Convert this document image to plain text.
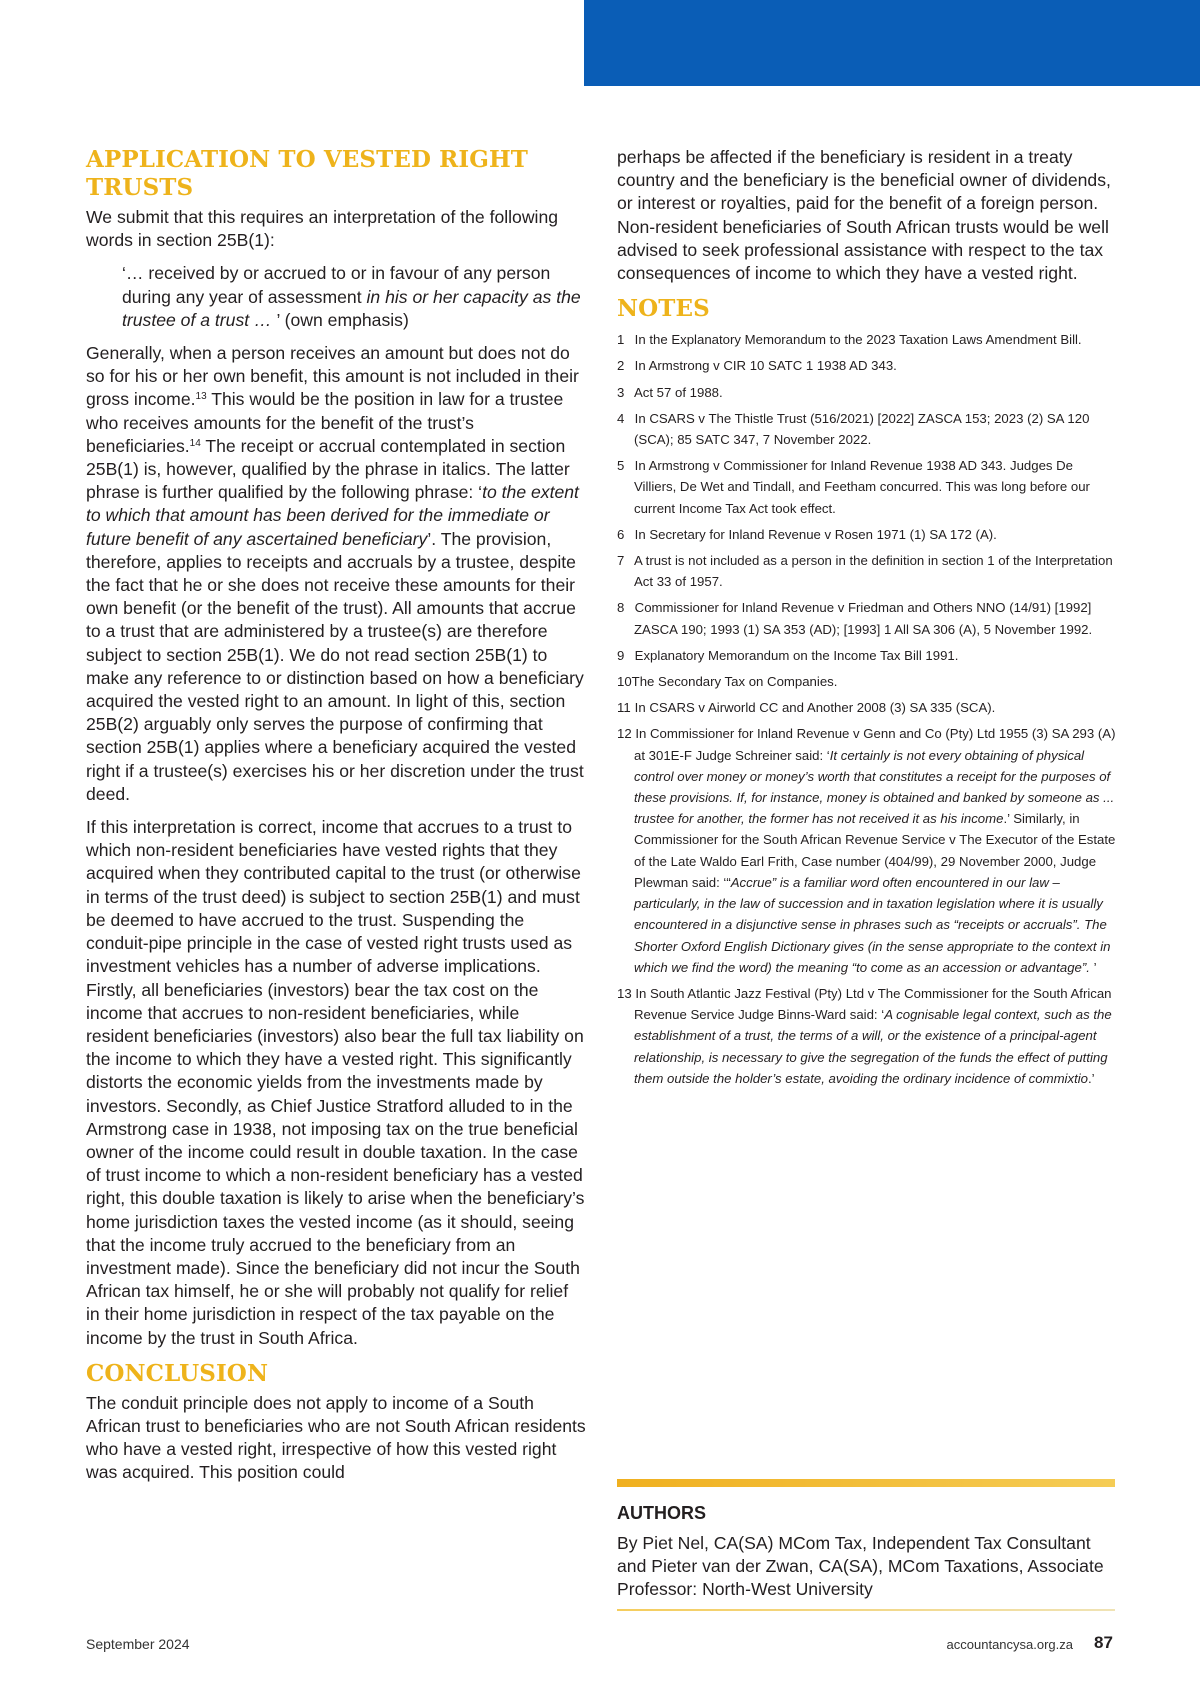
APPLICATION TO VESTED RIGHT TRUSTS

We submit that this requires an interpretation of the following words in section 25B(1):

‘… received by or accrued to or in favour of any person during any year of assessment in his or her capacity as the trustee of a trust … ’ (own emphasis)

Generally, when a person receives an amount but does not do so for his or her own benefit, this amount is not included in their gross income.$^{13}$ This would be the position in law for a trustee who receives amounts for the benefit of the trust’s beneficiaries.$^{14}$ The receipt or accrual contemplated in section 25B(1) is, however, qualified by the phrase in italics. The latter phrase is further qualified by the following phrase: ‘to the extent to which that amount has been derived for the immediate or future benefit of any ascertained beneficiary’. The provision, therefore, applies to receipts and accruals by a trustee, despite the fact that he or she does not receive these amounts for their own benefit (or the benefit of the trust). All amounts that accrue to a trust that are administered by a trustee(s) are therefore subject to section 25B(1). We do not read section 25B(1) to make any reference to or distinction based on how a beneficiary acquired the vested right to an amount. In light of this, section 25B(2) arguably only serves the purpose of confirming that section 25B(1) applies where a beneficiary acquired the vested right if a trustee(s) exercises his or her discretion under the trust deed.

If this interpretation is correct, income that accrues to a trust to which non-resident beneficiaries have vested rights that they acquired when they contributed capital to the trust (or otherwise in terms of the trust deed) is subject to section 25B(1) and must be deemed to have accrued to the trust. Suspending the conduit-pipe principle in the case of vested right trusts used as investment vehicles has a number of adverse implications. Firstly, all beneficiaries (investors) bear the tax cost on the income that accrues to non-resident beneficiaries, while resident beneficiaries (investors) also bear the full tax liability on the income to which they have a vested right. This significantly distorts the economic yields from the investments made by investors. Secondly, as Chief Justice Stratford alluded to in the Armstrong case in 1938, not imposing tax on the true beneficial owner of the income could result in double taxation. In the case of trust income to which a non-resident beneficiary has a vested right, this double taxation is likely to arise when the beneficiary’s home jurisdiction taxes the vested income (as it should, seeing that the income truly accrued to the beneficiary from an investment made). Since the beneficiary did not incur the South African tax himself, he or she will probably not qualify for relief in their home jurisdiction in respect of the tax payable on the income by the trust in South Africa.

CONCLUSION

The conduit principle does not apply to income of a South African trust to beneficiaries who are not South African residents who have a vested right, irrespective of how this vested right was acquired. This position could

perhaps be affected if the beneficiary is resident in a treaty country and the beneficiary is the beneficial owner of dividends, or interest or royalties, paid for the benefit of a foreign person. Non-resident beneficiaries of South African trusts would be well advised to seek professional assistance with respect to the tax consequences of income to which they have a vested right.

NOTES
1 In the Explanatory Memorandum to the 2023 Taxation Laws Amendment Bill.
2 In Armstrong v CIR 10 SATC 1 1938 AD 343.
3 Act 57 of 1988.
4 In CSARS v The Thistle Trust (516/2021) [2022] ZASCA 153; 2023 (2) SA 120 (SCA); 85 SATC 347, 7 November 2022.
5 In Armstrong v Commissioner for Inland Revenue 1938 AD 343. Judges De Villiers, De Wet and Tindall, and Feetham concurred. This was long before our current Income Tax Act took effect.
6 In Secretary for Inland Revenue v Rosen 1971 (1) SA 172 (A).
7 A trust is not included as a person in the definition in section 1 of the Interpretation Act 33 of 1957.
8 Commissioner for Inland Revenue v Friedman and Others NNO (14/91) [1992] ZASCA 190; 1993 (1) SA 353 (AD); [1993] 1 All SA 306 (A), 5 November 1992.
9 Explanatory Memorandum on the Income Tax Bill 1991.
10The Secondary Tax on Companies.
11 In CSARS v Airworld CC and Another 2008 (3) SA 335 (SCA).
12 In Commissioner for Inland Revenue v Genn and Co (Pty) Ltd 1955 (3) SA 293 (A) at 301E-F Judge Schreiner said: ‘It certainly is not every obtaining of physical control over money or money’s worth that constitutes a receipt for the purposes of these provisions. If, for instance, money is obtained and banked by someone as ... trustee for another, the former has not received it as his income.’ Similarly, in Commissioner for the South African Revenue Service v The Executor of the Estate of the Late Waldo Earl Frith, Case number (404/99), 29 November 2000, Judge Plewman said: ‘“Accrue” is a familiar word often encountered in our law – particularly, in the law of succession and in taxation legislation where it is usually encountered in a disjunctive sense in phrases such as “receipts or accruals”. The Shorter Oxford English Dictionary gives (in the sense appropriate to the context in which we find the word) the meaning “to come as an accession or advantage”. ’
13 In South Atlantic Jazz Festival (Pty) Ltd v The Commissioner for the South African Revenue Service Judge Binns-Ward said: ‘A cognisable legal context, such as the establishment of a trust, the terms of a will, or the existence of a principal-agent relationship, is necessary to give the segregation of the funds the effect of putting them outside the holder’s estate, avoiding the ordinary incidence of commixtio.’
AUTHORS
By Piet Nel, CA(SA) MCom Tax, Independent Tax Consultant and Pieter van der Zwan, CA(SA), MCom Taxations, Associate Professor: North-West University
September 2024	accountancysa.org.za 87
